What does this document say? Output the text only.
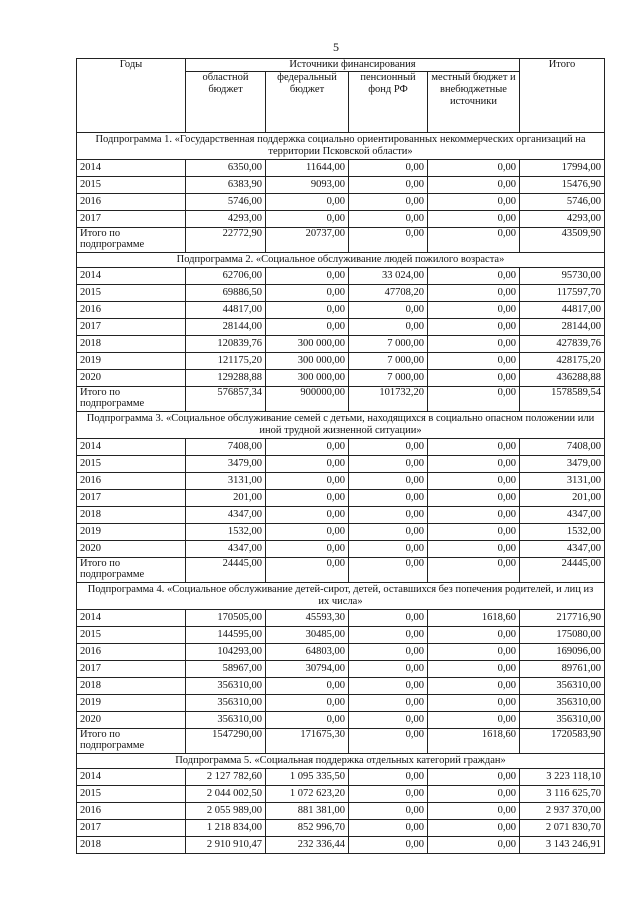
5
Годы	Источники финансирования				Итого
	областной бюджет	федеральный бюджет	пенсионный фонд РФ	местный бюджет и внебюджетные источники	
Подпрограмма 1. «Государственная поддержка социально ориентированных некоммерческих организаций на территории Псковской области»					
2014	6350,00	11644,00	0,00	0,00	17994,00
2015	6383,90	9093,00	0,00	0,00	15476,90
2016	5746,00	0,00	0,00	0,00	5746,00
2017	4293,00	0,00	0,00	0,00	4293,00
Итого по подпрограмме	22772,90	20737,00	0,00	0,00	43509,90
Подпрограмма 2. «Социальное обслуживание людей пожилого возраста»					
2014	62706,00	0,00	33 024,00	0,00	95730,00
2015	69886,50	0,00	47708,20	0,00	117597,70
2016	44817,00	0,00	0,00	0,00	44817,00
2017	28144,00	0,00	0,00	0,00	28144,00
2018	120839,76	300 000,00	7 000,00	0,00	427839,76
2019	121175,20	300 000,00	7 000,00	0,00	428175,20
2020	129288,88	300 000,00	7 000,00	0,00	436288,88
Итого по подпрограмме	576857,34	900000,00	101732,20	0,00	1578589,54
Подпрограмма 3. «Социальное обслуживание семей с детьми, находящихся в социально опасном положении или иной трудной жизненной ситуации»					
2014	7408,00	0,00	0,00	0,00	7408,00
2015	3479,00	0,00	0,00	0,00	3479,00
2016	3131,00	0,00	0,00	0,00	3131,00
2017	201,00	0,00	0,00	0,00	201,00
2018	4347,00	0,00	0,00	0,00	4347,00
2019	1532,00	0,00	0,00	0,00	1532,00
2020	4347,00	0,00	0,00	0,00	4347,00
Итого по подпрограмме	24445,00	0,00	0,00	0,00	24445,00
Подпрограмма 4. «Социальное обслуживание детей-сирот, детей, оставшихся без попечения родителей, и лиц из их числа»					
2014	170505,00	45593,30	0,00	1618,60	217716,90
2015	144595,00	30485,00	0,00	0,00	175080,00
2016	104293,00	64803,00	0,00	0,00	169096,00
2017	58967,00	30794,00	0,00	0,00	89761,00
2018	356310,00	0,00	0,00	0,00	356310,00
2019	356310,00	0,00	0,00	0,00	356310,00
2020	356310,00	0,00	0,00	0,00	356310,00
Итого по подпрограмме	1547290,00	171675,30	0,00	1618,60	1720583,90
Подпрограмма 5. «Социальная поддержка отдельных категорий граждан»					
2014	2 127 782,60	1 095 335,50	0,00	0,00	3 223 118,10
2015	2 044 002,50	1 072 623,20	0,00	0,00	3 116 625,70
2016	2 055 989,00	881 381,00	0,00	0,00	2 937 370,00
2017	1 218 834,00	852 996,70	0,00	0,00	2 071 830,70
2018	2 910 910,47	232 336,44	0,00	0,00	3 143 246,91
